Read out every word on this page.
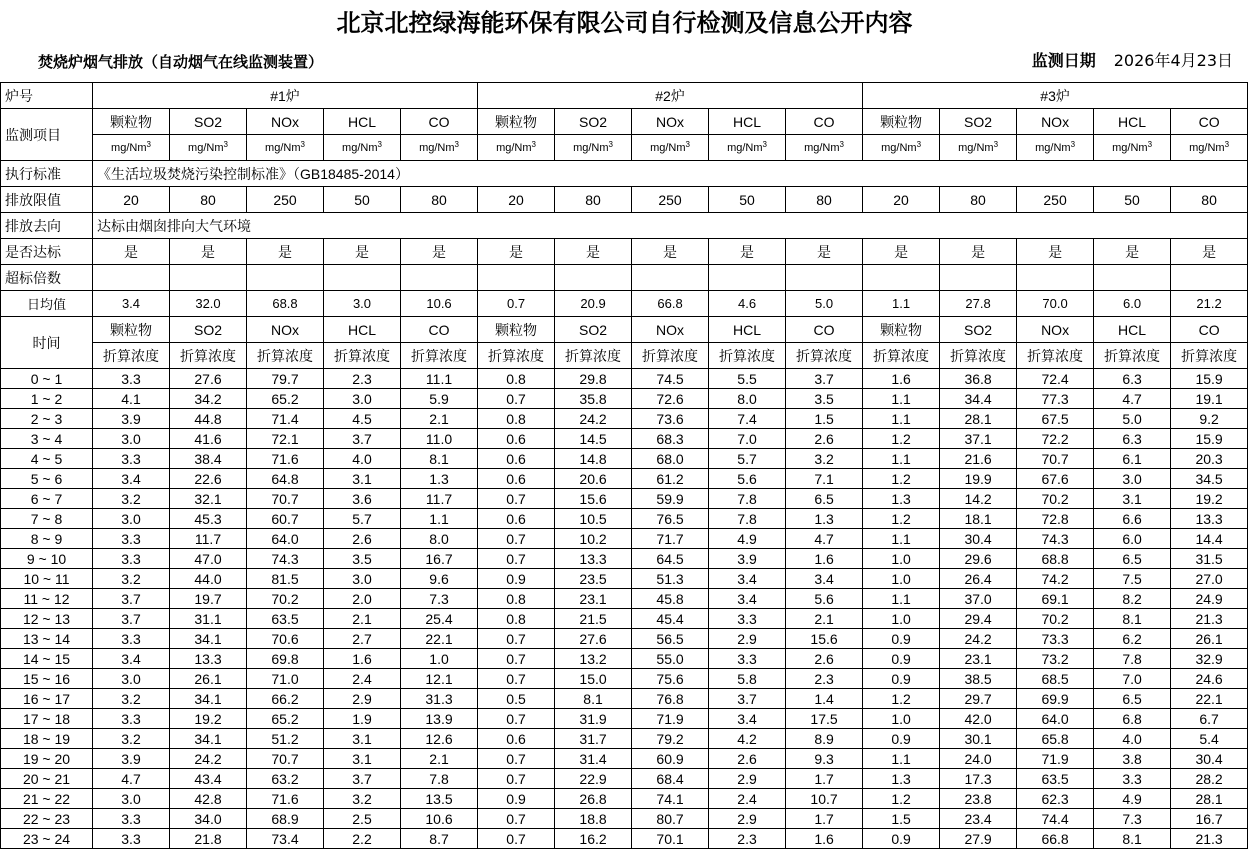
北京北控绿海能环保有限公司自行检测及信息公开内容
焚烧炉烟气排放（自动烟气在线监测装置）	监测日期 2026年4月23日
炉号	#1炉					#2炉					#3炉				
监测项目	颗粒物	SO2	NOx	HCL	CO	颗粒物	SO2	NOx	HCL	CO	颗粒物	SO2	NOx	HCL	CO
	mg/Nm$^3$	mg/Nm$^3$	mg/Nm$^3$	mg/Nm$^3$	mg/Nm$^3$	mg/Nm$^3$	mg/Nm$^3$	mg/Nm$^3$	mg/Nm$^3$	mg/Nm$^3$	mg/Nm$^3$	mg/Nm$^3$	mg/Nm$^3$	mg/Nm$^3$	mg/Nm$^3$
执行标准	《生活垃圾焚烧污染控制标准》（GB18485-2014）														
排放限值	20	80	250	50	80	20	80	250	50	80	20	80	250	50	80
排放去向	达标由烟囱排向大气环境														
是否达标	是	是	是	是	是	是	是	是	是	是	是	是	是	是	是
超标倍数															
日均值	3.4	32.0	68.8	3.0	10.6	0.7	20.9	66.8	4.6	5.0	1.1	27.8	70.0	6.0	21.2
时间	颗粒物	SO2	NOx	HCL	CO	颗粒物	SO2	NOx	HCL	CO	颗粒物	SO2	NOx	HCL	CO
	折算浓度	折算浓度	折算浓度	折算浓度	折算浓度	折算浓度	折算浓度	折算浓度	折算浓度	折算浓度	折算浓度	折算浓度	折算浓度	折算浓度	折算浓度
0 ~ 1	3.3	27.6	79.7	2.3	11.1	0.8	29.8	74.5	5.5	3.7	1.6	36.8	72.4	6.3	15.9
1 ~ 2	4.1	34.2	65.2	3.0	5.9	0.7	35.8	72.6	8.0	3.5	1.1	34.4	77.3	4.7	19.1
2 ~ 3	3.9	44.8	71.4	4.5	2.1	0.8	24.2	73.6	7.4	1.5	1.1	28.1	67.5	5.0	9.2
3 ~ 4	3.0	41.6	72.1	3.7	11.0	0.6	14.5	68.3	7.0	2.6	1.2	37.1	72.2	6.3	15.9
4 ~ 5	3.3	38.4	71.6	4.0	8.1	0.6	14.8	68.0	5.7	3.2	1.1	21.6	70.7	6.1	20.3
5 ~ 6	3.4	22.6	64.8	3.1	1.3	0.6	20.6	61.2	5.6	7.1	1.2	19.9	67.6	3.0	34.5
6 ~ 7	3.2	32.1	70.7	3.6	11.7	0.7	15.6	59.9	7.8	6.5	1.3	14.2	70.2	3.1	19.2
7 ~ 8	3.0	45.3	60.7	5.7	1.1	0.6	10.5	76.5	7.8	1.3	1.2	18.1	72.8	6.6	13.3
8 ~ 9	3.3	11.7	64.0	2.6	8.0	0.7	10.2	71.7	4.9	4.7	1.1	30.4	74.3	6.0	14.4
9 ~ 10	3.3	47.0	74.3	3.5	16.7	0.7	13.3	64.5	3.9	1.6	1.0	29.6	68.8	6.5	31.5
10 ~ 11	3.2	44.0	81.5	3.0	9.6	0.9	23.5	51.3	3.4	3.4	1.0	26.4	74.2	7.5	27.0
11 ~ 12	3.7	19.7	70.2	2.0	7.3	0.8	23.1	45.8	3.4	5.6	1.1	37.0	69.1	8.2	24.9
12 ~ 13	3.7	31.1	63.5	2.1	25.4	0.8	21.5	45.4	3.3	2.1	1.0	29.4	70.2	8.1	21.3
13 ~ 14	3.3	34.1	70.6	2.7	22.1	0.7	27.6	56.5	2.9	15.6	0.9	24.2	73.3	6.2	26.1
14 ~ 15	3.4	13.3	69.8	1.6	1.0	0.7	13.2	55.0	3.3	2.6	0.9	23.1	73.2	7.8	32.9
15 ~ 16	3.0	26.1	71.0	2.4	12.1	0.7	15.0	75.6	5.8	2.3	0.9	38.5	68.5	7.0	24.6
16 ~ 17	3.2	34.1	66.2	2.9	31.3	0.5	8.1	76.8	3.7	1.4	1.2	29.7	69.9	6.5	22.1
17 ~ 18	3.3	19.2	65.2	1.9	13.9	0.7	31.9	71.9	3.4	17.5	1.0	42.0	64.0	6.8	6.7
18 ~ 19	3.2	34.1	51.2	3.1	12.6	0.6	31.7	79.2	4.2	8.9	0.9	30.1	65.8	4.0	5.4
19 ~ 20	3.9	24.2	70.7	3.1	2.1	0.7	31.4	60.9	2.6	9.3	1.1	24.0	71.9	3.8	30.4
20 ~ 21	4.7	43.4	63.2	3.7	7.8	0.7	22.9	68.4	2.9	1.7	1.3	17.3	63.5	3.3	28.2
21 ~ 22	3.0	42.8	71.6	3.2	13.5	0.9	26.8	74.1	2.4	10.7	1.2	23.8	62.3	4.9	28.1
22 ~ 23	3.3	34.0	68.9	2.5	10.6	0.7	18.8	80.7	2.9	1.7	1.5	23.4	74.4	7.3	16.7
23 ~ 24	3.3	21.8	73.4	2.2	8.7	0.7	16.2	70.1	2.3	1.6	0.9	27.9	66.8	8.1	21.3
